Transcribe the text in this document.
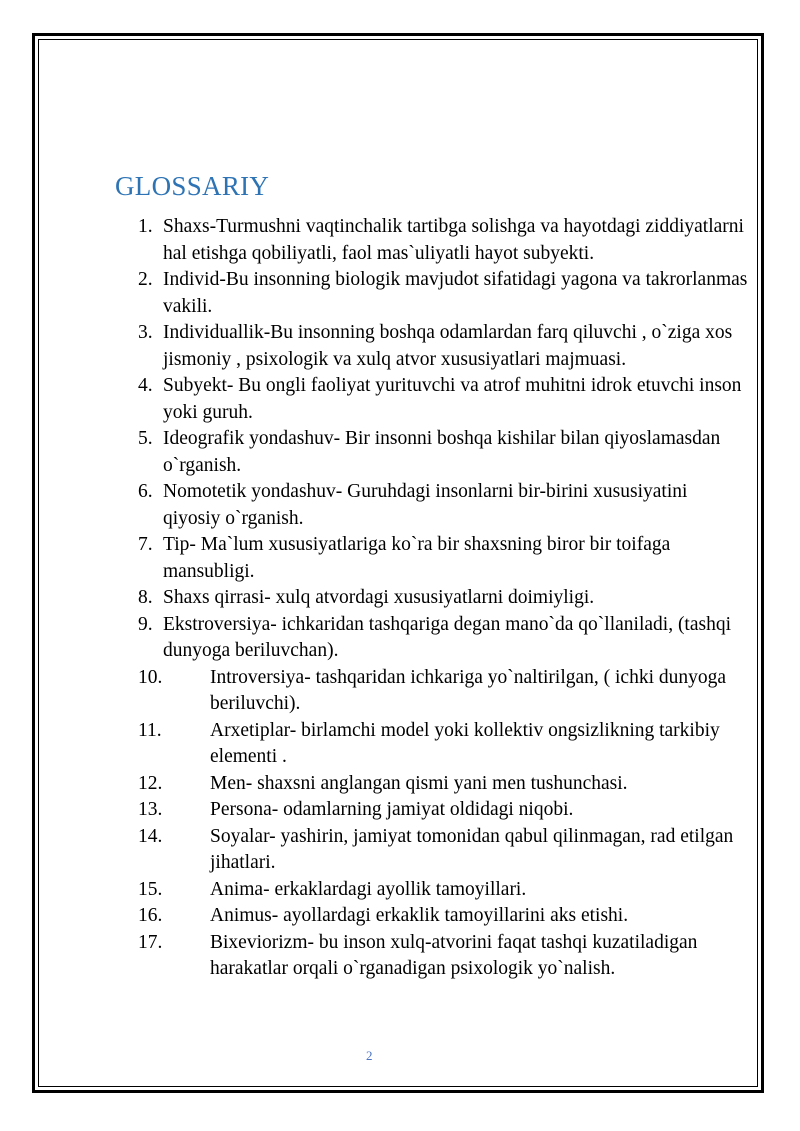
GLOSSARIY
1. Shaxs-Turmushni vaqtinchalik tartibga solishga va hayotdagi ziddiyatlarni hal etishga qobiliyatli, faol mas`uliyatli hayot subyekti.
2. Individ-Bu insonning biologik mavjudot sifatidagi yagona va takrorlanmas vakili.
3. Individuallik-Bu insonning boshqa odamlardan farq qiluvchi , o`ziga xos jismoniy , psixologik va xulq atvor xususiyatlari majmuasi.
4. Subyekt- Bu ongli faoliyat yurituvchi va atrof muhitni idrok etuvchi inson yoki guruh.
5. Ideografik yondashuv- Bir insonni boshqa kishilar bilan qiyoslamasdan o`rganish.
6. Nomotetik yondashuv- Guruhdagi insonlarni bir-birini xususiyatini qiyosiy o`rganish.
7. Tip- Ma`lum xususiyatlariga ko`ra bir shaxsning biror bir toifaga mansubligi.
8. Shaxs qirrasi- xulq atvordagi xususiyatlarni doimiyligi.
9. Ekstroversiya- ichkaridan tashqariga degan mano`da qo`llaniladi, (tashqi dunyoga beriluvchan).
10. Introversiya- tashqaridan ichkariga yo`naltirilgan, ( ichki dunyoga beriluvchi).
11. Arxetiplar- birlamchi model yoki kollektiv ongsizlikning tarkibiy elementi .
12. Men- shaxsni anglangan qismi yani men tushunchasi.
13. Persona- odamlarning jamiyat oldidagi niqobi.
14. Soyalar- yashirin, jamiyat tomonidan qabul qilinmagan, rad etilgan jihatlari.
15. Anima- erkaklardagi ayollik tamoyillari.
16. Animus- ayollardagi erkaklik tamoyillarini aks etishi.
17. Bixeviorizm- bu inson xulq-atvorini faqat tashqi kuzatiladigan harakatlar orqali o`rganadigan psixologik yo`nalish.
2
